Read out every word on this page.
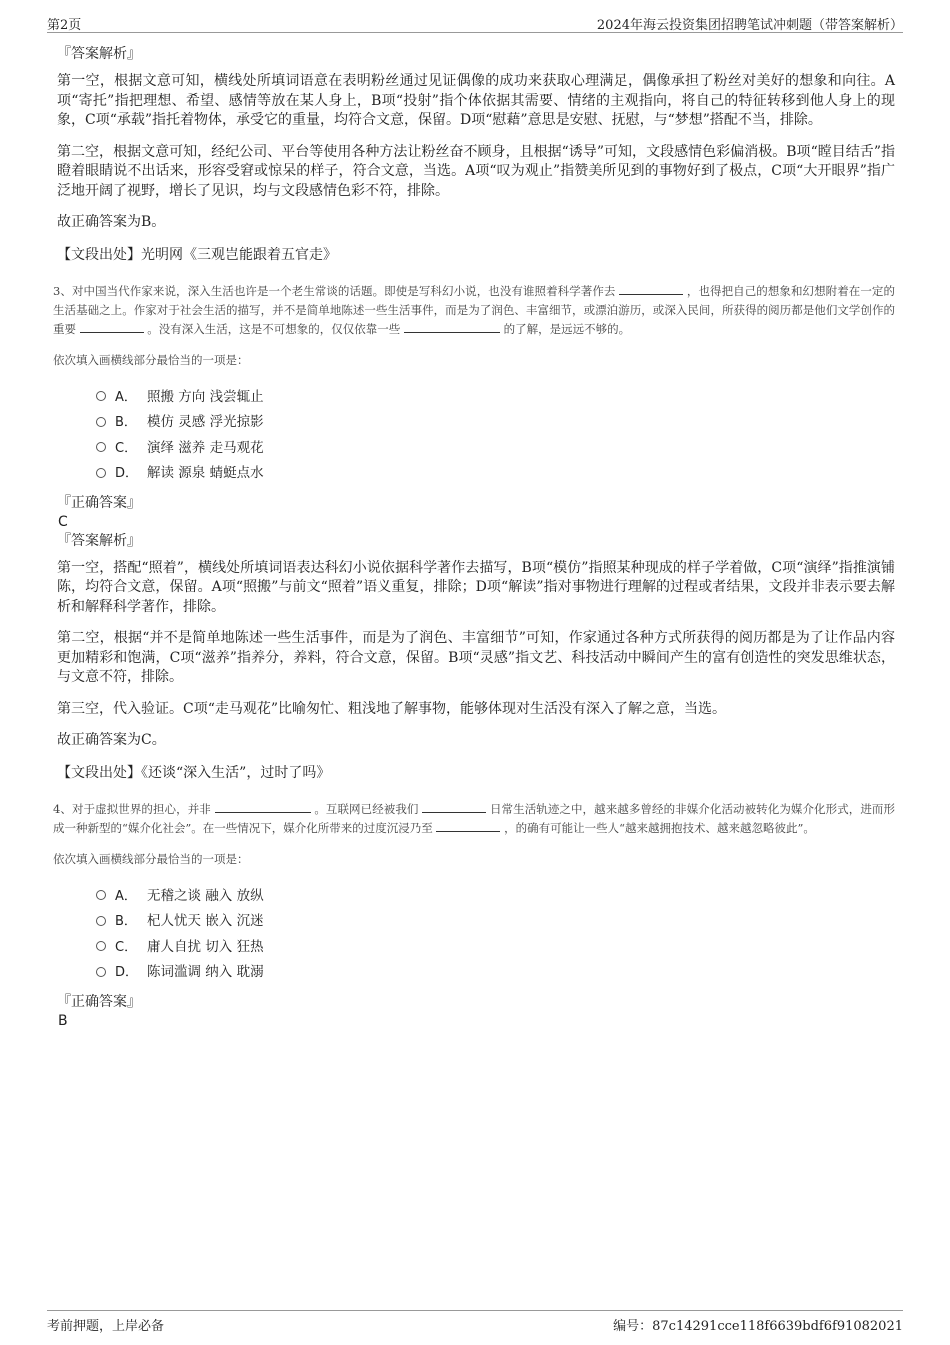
第2页	2024年海云投资集团招聘笔试冲刺题（带答案解析）
『答案解析』

第一空，根据文意可知，横线处所填词语意在表明粉丝通过见证偶像的成功来获取心理满足，偶像承担了粉丝对美好的想象和向往。A项“寄托”指把理想、希望、感情等放在某人身上，B项“投射”指个体依据其需要、情绪的主观指向，将自己的特征转移到他人身上的现象，C项“承载”指托着物体，承受它的重量，均符合文意，保留。D项“慰藉”意思是安慰、抚慰，与“梦想”搭配不当，排除。

第二空，根据文意可知，经纪公司、平台等使用各种方法让粉丝奋不顾身，且根据“诱导”可知，文段感情色彩偏消极。B项“瞠目结舌”指瞪着眼睛说不出话来，形容受窘或惊呆的样子，符合文意，当选。A项“叹为观止”指赞美所见到的事物好到了极点，C项“大开眼界”指广泛地开阔了视野，增长了见识，均与文段感情色彩不符，排除。

故正确答案为B。

【文段出处】光明网《三观岂能跟着五官走》

3、对中国当代作家来说，深入生活也许是一个老生常谈的话题。即使是写科幻小说，也没有谁照着科学著作去	，也得把自己的想象和幻想附着在一定的生活基础之上。作家对于社会生活的描写，并不是简单地陈述一些生活事件，而是为了润色、丰富细节，或漂泊游历，或深入民间，所获得的阅历都是他们文学创作的重要	。没有深入生活，这是不可想象的，仅仅依靠一些	的了解，是远远不够的。

依次填入画横线部分最恰当的一项是：
A． 照搬 方向 浅尝辄止
B． 模仿 灵感 浮光掠影
C． 演绎 滋养 走马观花
D． 解读 源泉 蜻蜓点水
『正确答案』
C
『答案解析』

第一空，搭配“照着”，横线处所填词语表达科幻小说依据科学著作去描写，B项“模仿”指照某种现成的样子学着做，C项“演绎”指推演铺陈，均符合文意，保留。A项“照搬”与前文“照着”语义重复，排除；D项“解读”指对事物进行理解的过程或者结果，文段并非表示要去解析和解释科学著作，排除。

第二空，根据“并不是简单地陈述一些生活事件，而是为了润色、丰富细节”可知，作家通过各种方式所获得的阅历都是为了让作品内容更加精彩和饱满，C项“滋养”指养分，养料，符合文意，保留。B项“灵感”指文艺、科技活动中瞬间产生的富有创造性的突发思维状态，与文意不符，排除。

第三空，代入验证。C项“走马观花”比喻匆忙、粗浅地了解事物，能够体现对生活没有深入了解之意，当选。

故正确答案为C。

【文段出处】《还谈“深入生活”，过时了吗》

4、对于虚拟世界的担心，并非	。互联网已经被我们	日常生活轨迹之中，越来越多曾经的非媒介化活动被转化为媒介化形式，进而形成一种新型的“媒介化社会”。在一些情况下，媒介化所带来的过度沉浸乃至	，的确有可能让一些人“越来越拥抱技术、越来越忽略彼此”。

依次填入画横线部分最恰当的一项是：
A． 无稽之谈 融入 放纵
B． 杞人忧天 嵌入 沉迷
C． 庸人自扰 切入 狂热
D． 陈词滥调 纳入 耽溺
『正确答案』
B
考前押题，上岸必备	编号：87c14291cce118f6639bdf6f91082021
